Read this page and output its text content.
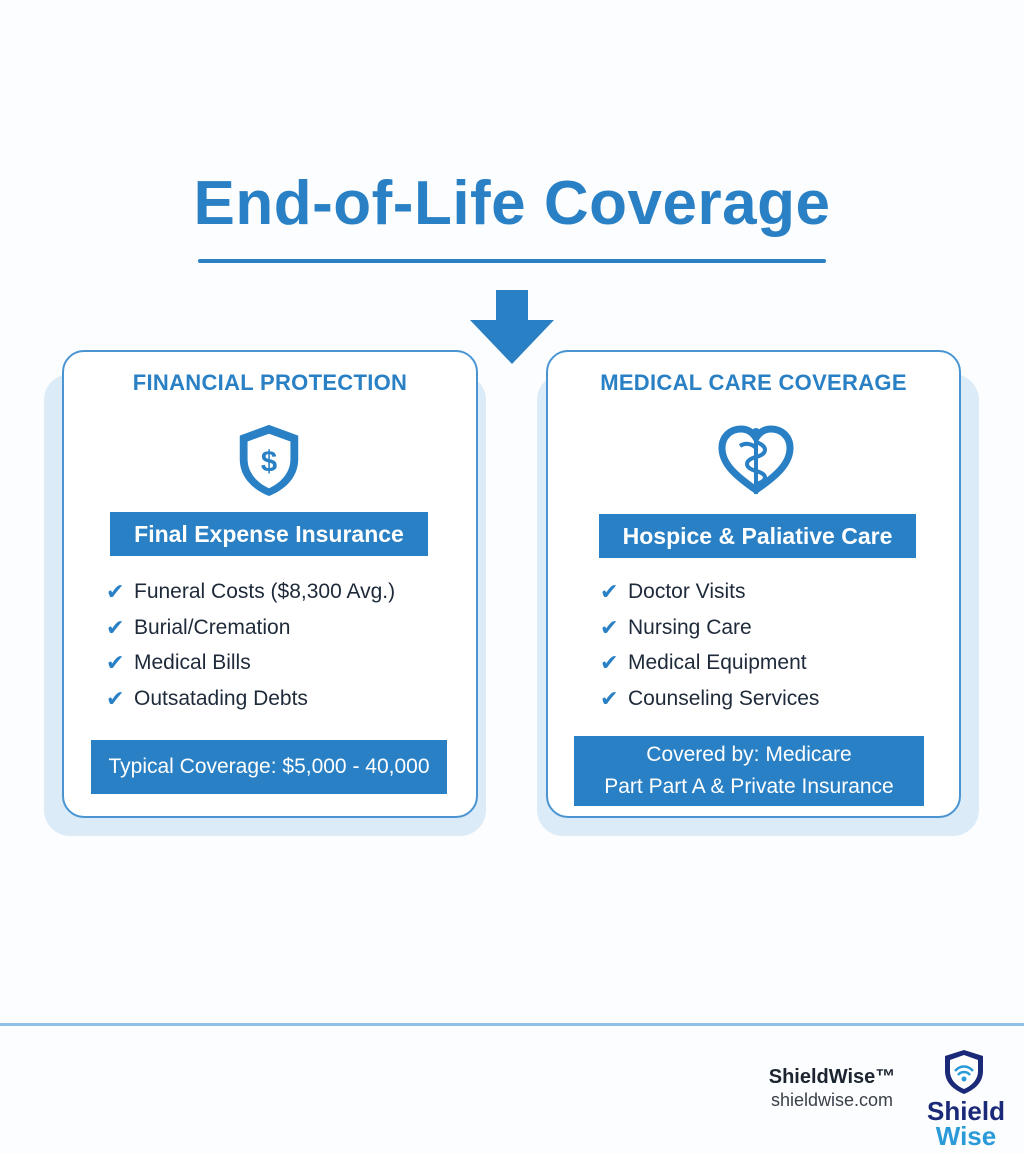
End-of-Life Coverage
FINANCIAL PROTECTION
$
Final Expense Insurance
✔ Funeral Costs ($8,300 Avg.)
✔ Burial/Cremation
✔ Medical Bills
✔ Outsatading Debts
Typical Coverage: $5,000 - 40,000
MEDICAL CARE COVERAGE
Hospice & Paliative Care
✔ Doctor Visits
✔ Nursing Care
✔ Medical Equipment
✔ Counseling Services
Covered by: Medicare
Part Part A & Private Insurance
ShieldWise™
shieldwise.com	Shield
Wise
